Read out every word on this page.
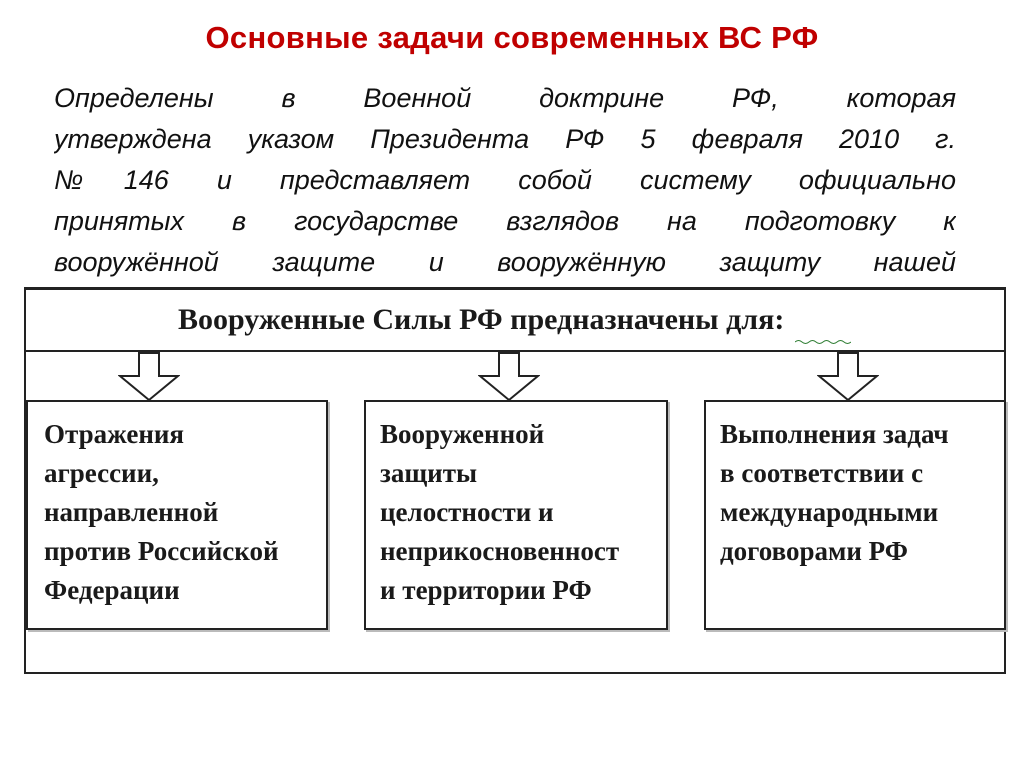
Основные задачи современных ВС РФ
Определены в Военной доктрине РФ, которая
утверждена указом Президента РФ 5 февраля 2010 г.
№146 и представляет собой систему официально
принятых в государстве взглядов на подготовку к
вооружённой защите и вооружённую защиту нашей
Вооруженные Силы РФ предназначены для:
Отражения
агрессии,
направленной
против Российской
Федерации
Вооруженной
защиты
целостности и
неприкосновенност
и территории РФ
Выполнения задач
в соответствии с
международными
договорами РФ
